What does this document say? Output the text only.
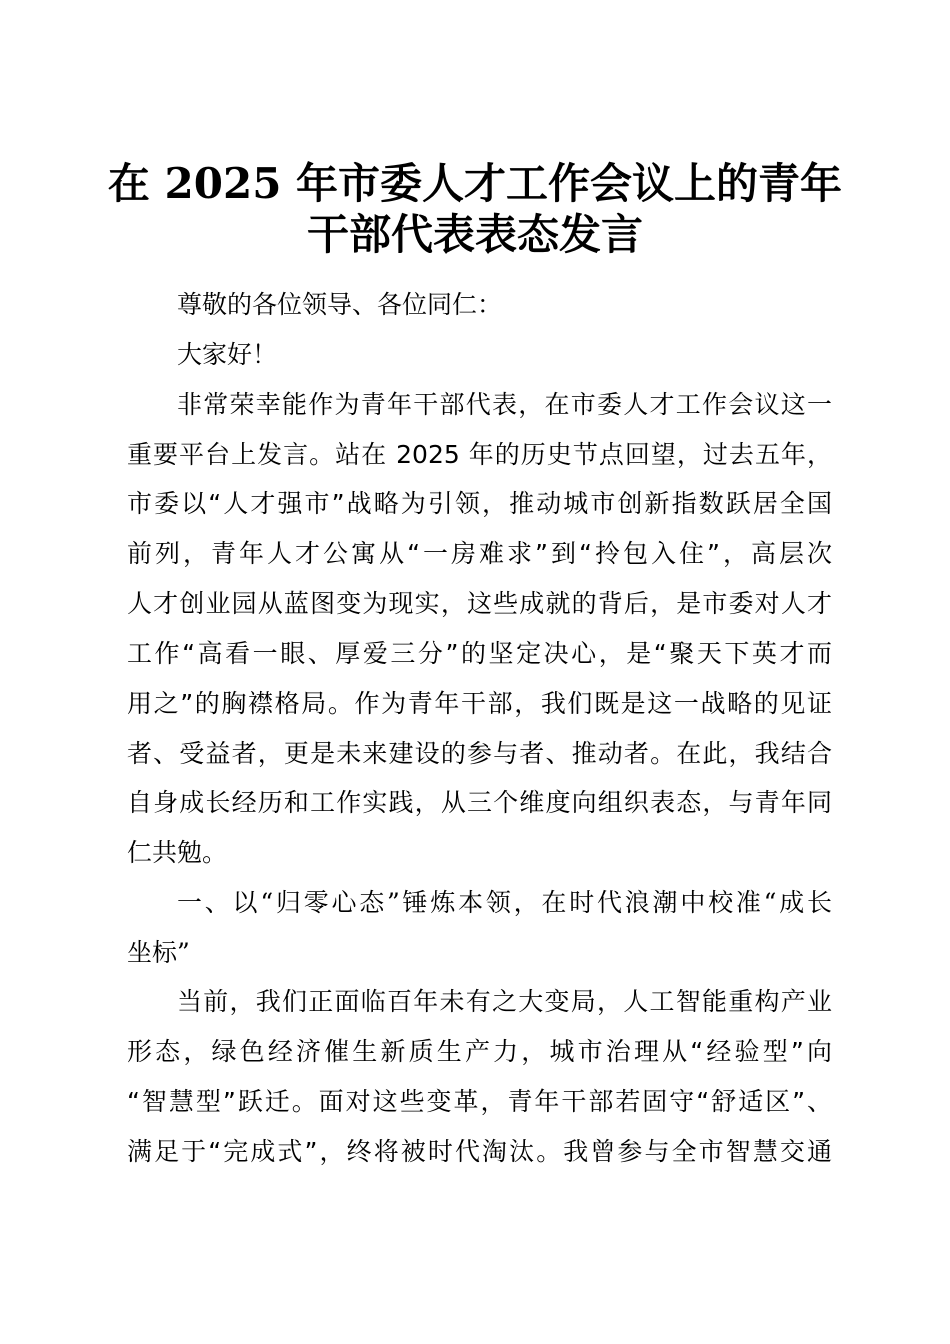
在 2025 年市委人才工作会议上的青年
干部代表表态发言
尊敬的各位领导、各位同仁：
大家好！
非常荣幸能作为青年干部代表，在市委人才工作会议这一
重要平台上发言。站在 2025 年的历史节点回望，过去五年，
市委以“人才强市”战略为引领，推动城市创新指数跃居全国
前列，青年人才公寓从“一房难求”到“拎包入住”，高层次
人才创业园从蓝图变为现实，这些成就的背后，是市委对人才
工作“高看一眼、厚爱三分”的坚定决心，是“聚天下英才而
用之”的胸襟格局。作为青年干部，我们既是这一战略的见证
者、受益者，更是未来建设的参与者、推动者。在此，我结合
自身成长经历和工作实践，从三个维度向组织表态，与青年同
仁共勉。
一、以“归零心态”锤炼本领，在时代浪潮中校准“成长
坐标”
当前，我们正面临百年未有之大变局，人工智能重构产业
形态，绿色经济催生新质生产力，城市治理从“经验型”向
“智慧型”跃迁。面对这些变革，青年干部若固守“舒适区”、
满足于“完成式”，终将被时代淘汰。我曾参与全市智慧交通
